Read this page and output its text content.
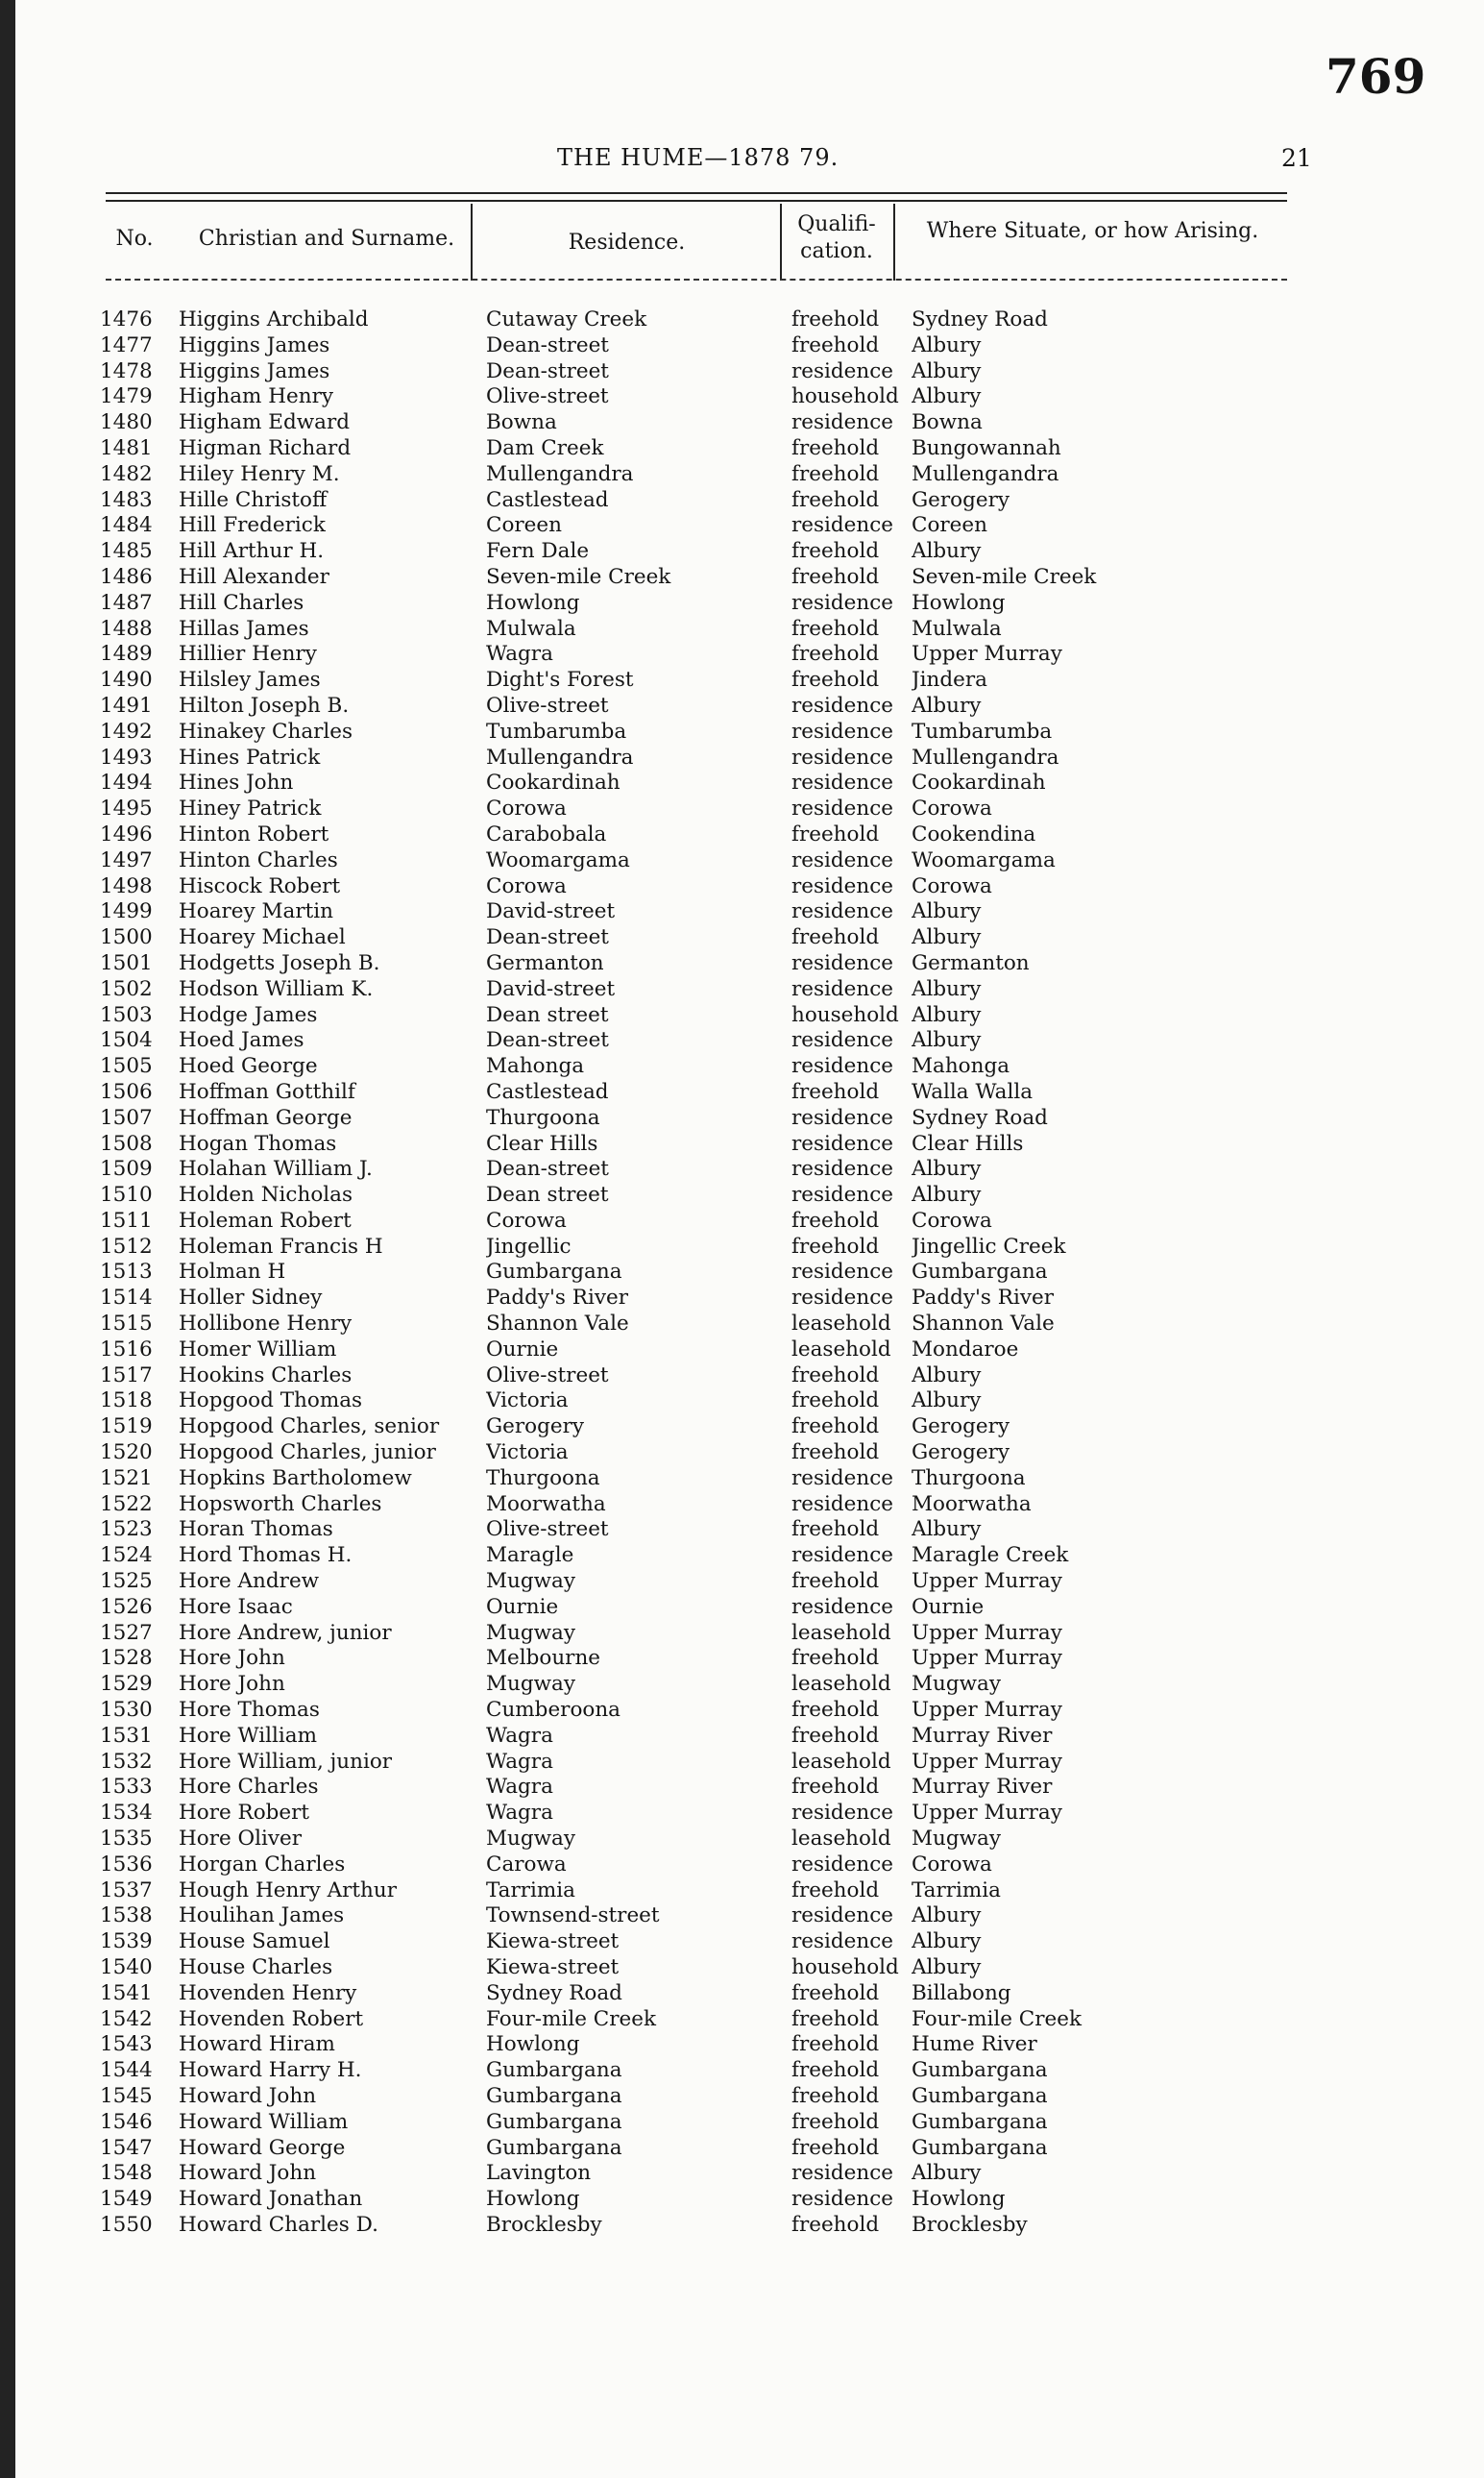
769
THE HUME—1878 79.	21
No.	Christian and Surname.	Residence.
Qualifi-cation.
Where Situate, or how Arising.
1476 Higgins Archibald	Cutaway Creek	freehold Sydney Road
1477 Higgins James	Dean-street	freehold Albury
1478 Higgins James	Dean-street	residence Albury
1479 Higham Henry	Olive-street	household Albury
1480 Higham Edward	Bowna	residence Bowna
1481 Higman Richard	Dam Creek	freehold Bungowannah
1482 Hiley Henry M.	Mullengandra	freehold Mullengandra
1483 Hille Christoff	Castlestead	freehold Gerogery
1484 Hill Frederick	Coreen	residence Coreen
1485 Hill Arthur H.	Fern Dale	freehold Albury
1486 Hill Alexander	Seven-mile Creek	freehold Seven-mile Creek
1487 Hill Charles	Howlong	residence Howlong
1488 Hillas James	Mulwala	freehold Mulwala
1489 Hillier Henry	Wagra	freehold Upper Murray
1490 Hilsley James	Dight's Forest	freehold Jindera
1491 Hilton Joseph B.	Olive-street	residence Albury
1492 Hinakey Charles	Tumbarumba	residence Tumbarumba
1493 Hines Patrick	Mullengandra	residence Mullengandra
1494 Hines John	Cookardinah	residence Cookardinah
1495 Hiney Patrick	Corowa	residence Corowa
1496 Hinton Robert	Carabobala	freehold Cookendina
1497 Hinton Charles	Woomargama	residence Woomargama
1498 Hiscock Robert	Corowa	residence Corowa
1499 Hoarey Martin	David-street	residence Albury
1500 Hoarey Michael	Dean-street	freehold Albury
1501 Hodgetts Joseph B.	Germanton	residence Germanton
1502 Hodson William K.	David-street	residence Albury
1503 Hodge James	Dean street	household Albury
1504 Hoed James	Dean-street	residence Albury
1505 Hoed George	Mahonga	residence Mahonga
1506 Hoffman Gotthilf	Castlestead	freehold Walla Walla
1507 Hoffman George	Thurgoona	residence Sydney Road
1508 Hogan Thomas	Clear Hills	residence Clear Hills
1509 Holahan William J.	Dean-street	residence Albury
1510 Holden Nicholas	Dean street	residence Albury
1511 Holeman Robert	Corowa	freehold Corowa
1512 Holeman Francis H	Jingellic	freehold Jingellic Creek
1513 Holman H	Gumbargana	residence Gumbargana
1514 Holler Sidney	Paddy's River	residence Paddy's River
1515 Hollibone Henry	Shannon Vale	leasehold Shannon Vale
1516 Homer William	Ournie	leasehold Mondaroe
1517 Hookins Charles	Olive-street	freehold Albury
1518 Hopgood Thomas	Victoria	freehold Albury
1519 Hopgood Charles, senior Gerogery	freehold Gerogery
1520 Hopgood Charles, junior Victoria	freehold Gerogery
1521 Hopkins Bartholomew	Thurgoona	residence Thurgoona
1522 Hopsworth Charles	Moorwatha	residence Moorwatha
1523 Horan Thomas	Olive-street	freehold Albury
1524 Hord Thomas H.	Maragle	residence Maragle Creek
1525 Hore Andrew	Mugway	freehold Upper Murray
1526 Hore Isaac	Ournie	residence Ournie
1527 Hore Andrew, junior	Mugway	leasehold Upper Murray
1528 Hore John	Melbourne	freehold Upper Murray
1529 Hore John	Mugway	leasehold Mugway
1530 Hore Thomas	Cumberoona	freehold Upper Murray
1531 Hore William	Wagra	freehold Murray River
1532 Hore William, junior	Wagra	leasehold Upper Murray
1533 Hore Charles	Wagra	freehold Murray River
1534 Hore Robert	Wagra	residence Upper Murray
1535 Hore Oliver	Mugway	leasehold Mugway
1536 Horgan Charles	Carowa	residence Corowa
1537 Hough Henry Arthur	Tarrimia	freehold Tarrimia
1538 Houlihan James	Townsend-street	residence Albury
1539 House Samuel	Kiewa-street	residence Albury
1540 House Charles	Kiewa-street	household Albury
1541 Hovenden Henry	Sydney Road	freehold Billabong
1542 Hovenden Robert	Four-mile Creek	freehold Four-mile Creek
1543 Howard Hiram	Howlong	freehold Hume River
1544 Howard Harry H.	Gumbargana	freehold Gumbargana
1545 Howard John	Gumbargana	freehold Gumbargana
1546 Howard William	Gumbargana	freehold Gumbargana
1547 Howard George	Gumbargana	freehold Gumbargana
1548 Howard John	Lavington	residence Albury
1549 Howard Jonathan	Howlong	residence Howlong
1550 Howard Charles D.	Brocklesby	freehold Brocklesby
